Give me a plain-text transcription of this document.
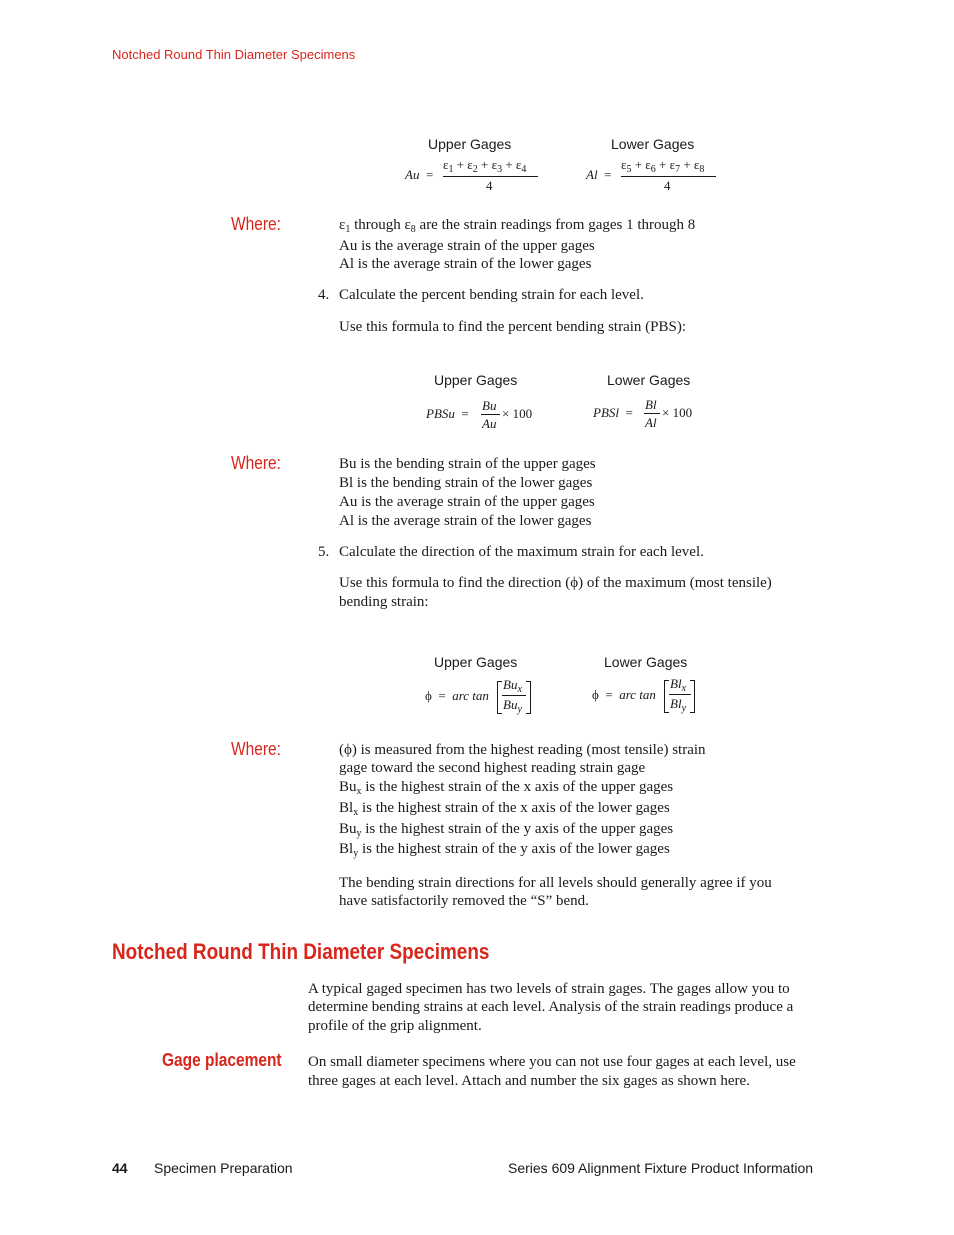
Notched Round Thin Diameter Specimens
Upper Gages	Lower Gages
Au  =
$\varepsilon_1 + \varepsilon_2 + \varepsilon_3 + \varepsilon_4$
4
Al  =
$\varepsilon_5 + \varepsilon_6 + \varepsilon_7 + \varepsilon_8$
4
Where:	$\varepsilon_1$ through $\varepsilon_8$ are the strain readings from gages 1 through 8
Au is the average strain of the upper gages
Al is the average strain of the lower gages
4. Calculate the percent bending strain for each level.
Use this formula to find the percent bending strain (PBS):
Upper Gages	Lower Gages
PBSu  =
Bu
Au
× 100	PBSl  =
Bl
Al
× 100
Where:	Bu is the bending strain of the upper gages
Bl is the bending strain of the lower gages
Au is the average strain of the upper gages
Al is the average strain of the lower gages
5. Calculate the direction of the maximum strain for each level.
Use this formula to find the direction (ϕ) of the maximum (most tensile)
bending strain:
Upper Gages	Lower Gages
ϕ  =  arc tan
$Bu_x$
$Bu_y$
ϕ  =  arc tan
$Bl_x$
$Bl_y$
Where:	(ϕ) is measured from the highest reading (most tensile) strain
gage toward the second highest reading strain gage
$Bu_x$ is the highest strain of the x axis of the upper gages
$Bl_x$ is the highest strain of the x axis of the lower gages
$Bu_y$ is the highest strain of the y axis of the upper gages
$Bl_y$ is the highest strain of the y axis of the lower gages
The bending strain directions for all levels should generally agree if you
have satisfactorily removed the “S” bend.
Notched Round Thin Diameter Specimens
A typical gaged specimen has two levels of strain gages. The gages allow you to
determine bending strains at each level. Analysis of the strain readings produce a
profile of the grip alignment.
Gage placement On small diameter specimens where you can not use four gages at each level, use
three gages at each level. Attach and number the six gages as shown here.
44 Specimen Preparation	Series 609 Alignment Fixture Product Information
